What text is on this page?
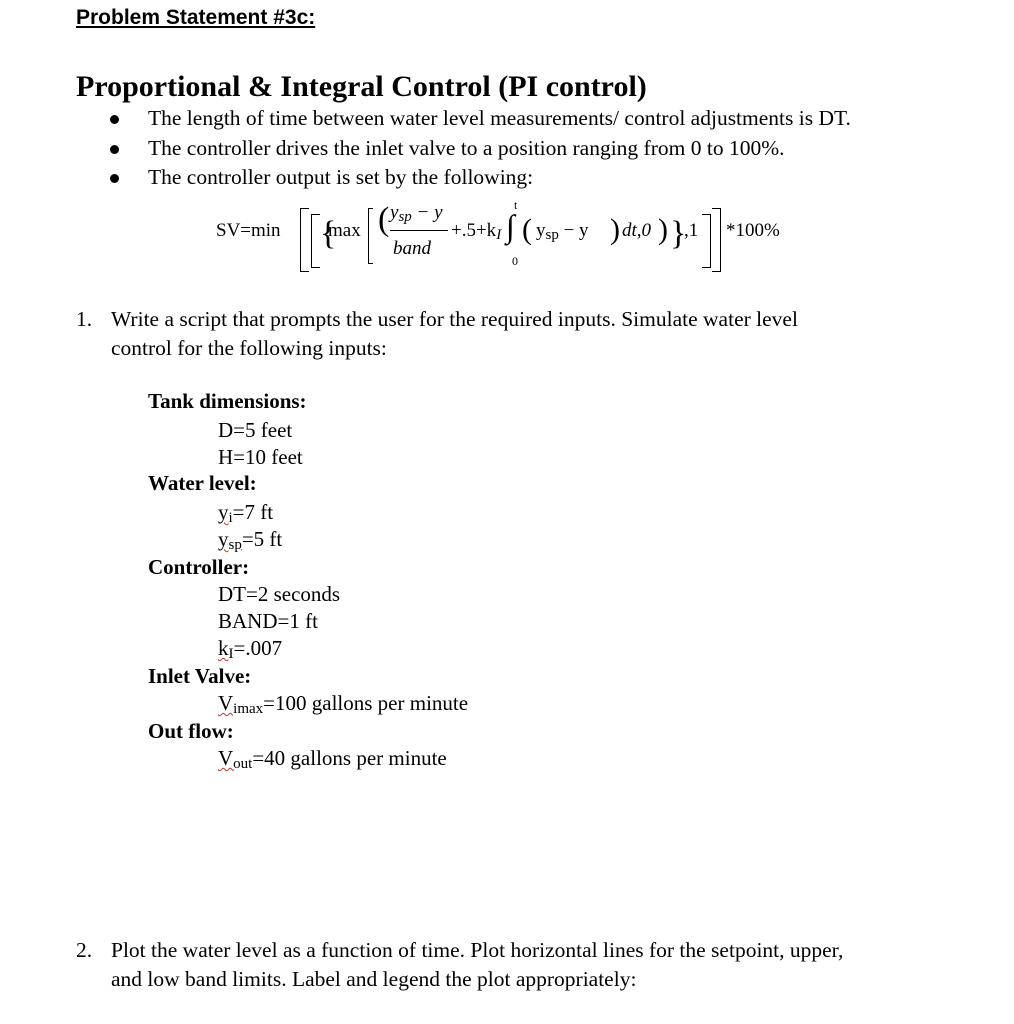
Problem Statement #3c:
Proportional & Integral Control (PI control)
The length of time between water level measurements/ control adjustments is DT.
The controller drives the inlet valve to a position ranging from 0 to 100%.
The controller output is set by the following:
SV=min {
max ( $y_{sp} - y$
band
$+.5+k_I$
t
∫
0
( $y_{sp} - y$ ) dt,0 ) }
,1 *100%
1. Write a script that prompts the user for the required inputs. Simulate water level
control for the following inputs:
Tank dimensions:
D=5 feet
H=10 feet
Water level:
$y_i=7$ ft
$y_{sp}=5$ ft
Controller:
DT=2 seconds
BAND=1 ft
$k_I=.007$
Inlet Valve:
$V_{imax}=100$ gallons per minute
Out flow:
$V_{out}=40$ gallons per minute
2. Plot the water level as a function of time. Plot horizontal lines for the setpoint, upper,
and low band limits. Label and legend the plot appropriately:
